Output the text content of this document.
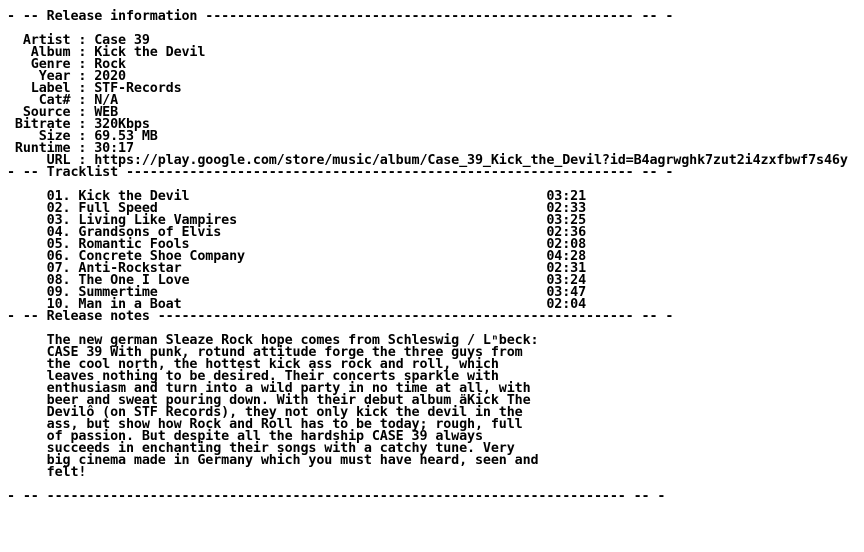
- -- Release information ------------------------------------------------------ -- -

Artist : Case 39
Album : Kick the Devil
Genre : Rock
Year : 2020
Label : STF-Records
Cat# : N/A
Source : WEB
Bitrate : 320Kbps
Size : 69.53 MB
Runtime : 30:17
URL : https://play.google.com/store/music/album/Case_39_Kick_the_Devil?id=B4agrwghk7zut2i4zxfbwf7s46y
- -- Tracklist ---------------------------------------------------------------- -- -

01. Kick the Devil                                             03:21
02. Full Speed                                                 02:33
03. Living Like Vampires                                       03:25
04. Grandsons of Elvis                                         02:36
05. Romantic Fools                                             02:08
06. Concrete Shoe Company                                      04:28
07. Anti-Rockstar                                              02:31
08. The One I Love                                             03:24
09. Summertime                                                 03:47
10. Man in a Boat                                              02:04
- -- Release notes ------------------------------------------------------------ -- -

The new german Sleaze Rock hope comes from Schleswig / Lⁿbeck:
CASE 39 With punk, rotund attitude forge the three guys from
the cool north, the hottest kick ass rock and roll, which
leaves nothing to be desired. Their concerts sparkle with
enthusiasm and turn into a wild party in no time at all, with
beer and sweat pouring down. With their debut album äKick The
Devilô (on STF Records), they not only kick the devil in the
ass, but show how Rock and Roll has to be today; rough, full
of passion. But despite all the hardship CASE 39 always
succeeds in enchanting their songs with a catchy tune. Very
big cinema made in Germany which you must have heard, seen and
felt!

- -- ------------------------------------------------------------------------- -- -
